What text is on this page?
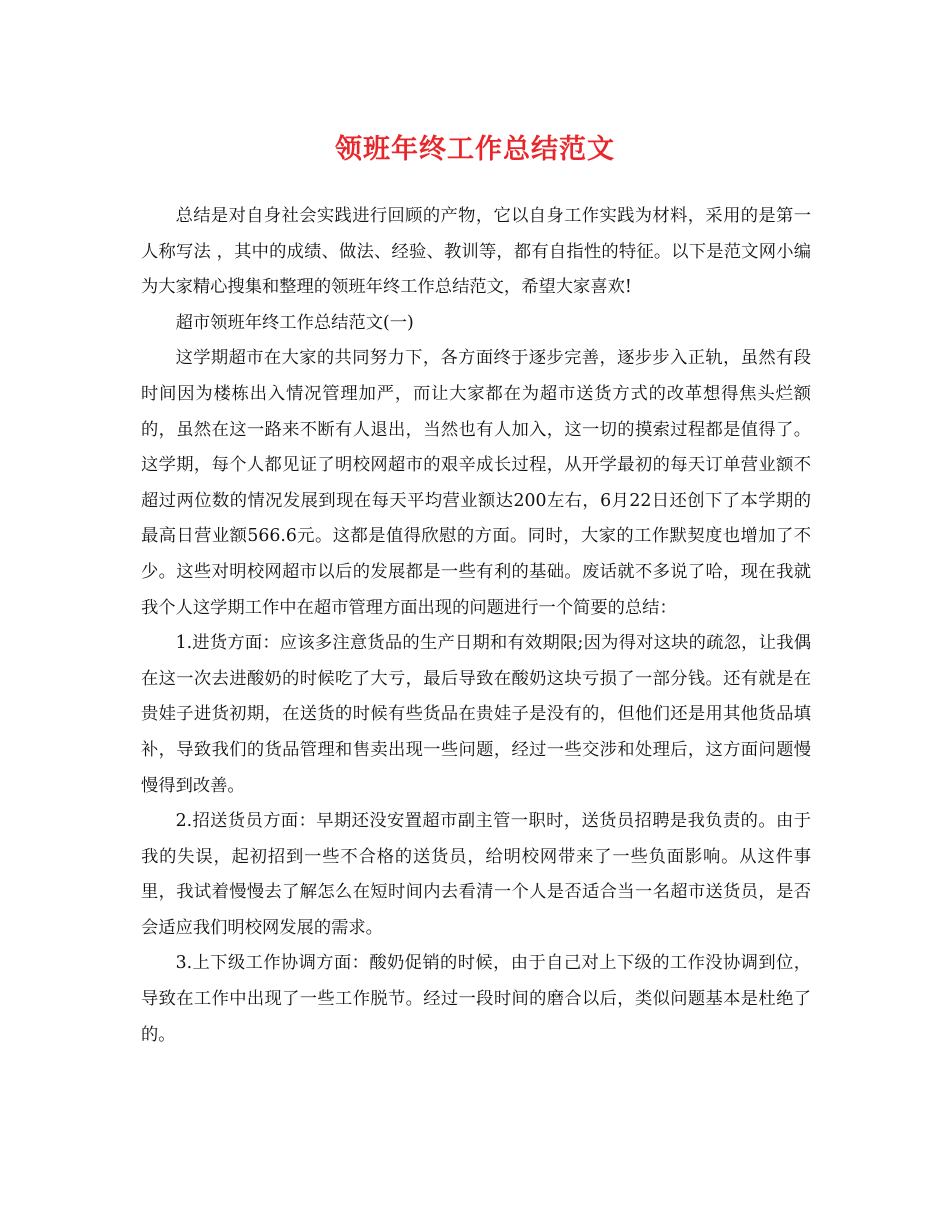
领班年终工作总结范文

总结是对自身社会实践进行回顾的产物，它以自身工作实践为材料，采用的是第一人称写法 ，其中的成绩、做法、经验、教训等，都有自指性的特征。以下是范文网小编为大家精心搜集和整理的领班年终工作总结范文，希望大家喜欢!

超市领班年终工作总结范文(一)

这学期超市在大家的共同努力下，各方面终于逐步完善，逐步步入正轨，虽然有段时间因为楼栋出入情况管理加严，而让大家都在为超市送货方式的改革想得焦头烂额的，虽然在这一路来不断有人退出，当然也有人加入，这一切的摸索过程都是值得了。这学期，每个人都见证了明校网超市的艰辛成长过程，从开学最初的每天订单营业额不超过两位数的情况发展到现在每天平均营业额达200左右，6月22日还创下了本学期的最高日营业额566.6元。这都是值得欣慰的方面。同时，大家的工作默契度也增加了不少。这些对明校网超市以后的发展都是一些有利的基础。废话就不多说了哈，现在我就我个人这学期工作中在超市管理方面出现的问题进行一个简要的总结：

1.进货方面：应该多注意货品的生产日期和有效期限;因为得对这块的疏忽，让我偶在这一次去进酸奶的时候吃了大亏，最后导致在酸奶这块亏损了一部分钱。还有就是在贵娃子进货初期，在送货的时候有些货品在贵娃子是没有的，但他们还是用其他货品填补，导致我们的货品管理和售卖出现一些问题，经过一些交涉和处理后，这方面问题慢慢得到改善。

2.招送货员方面：早期还没安置超市副主管一职时，送货员招聘是我负责的。由于我的失误，起初招到一些不合格的送货员，给明校网带来了一些负面影响。从这件事里，我试着慢慢去了解怎么在短时间内去看清一个人是否适合当一名超市送货员，是否会适应我们明校网发展的需求。

3.上下级工作协调方面：酸奶促销的时候，由于自己对上下级的工作没协调到位，导致在工作中出现了一些工作脱节。经过一段时间的磨合以后，类似问题基本是杜绝了的。
